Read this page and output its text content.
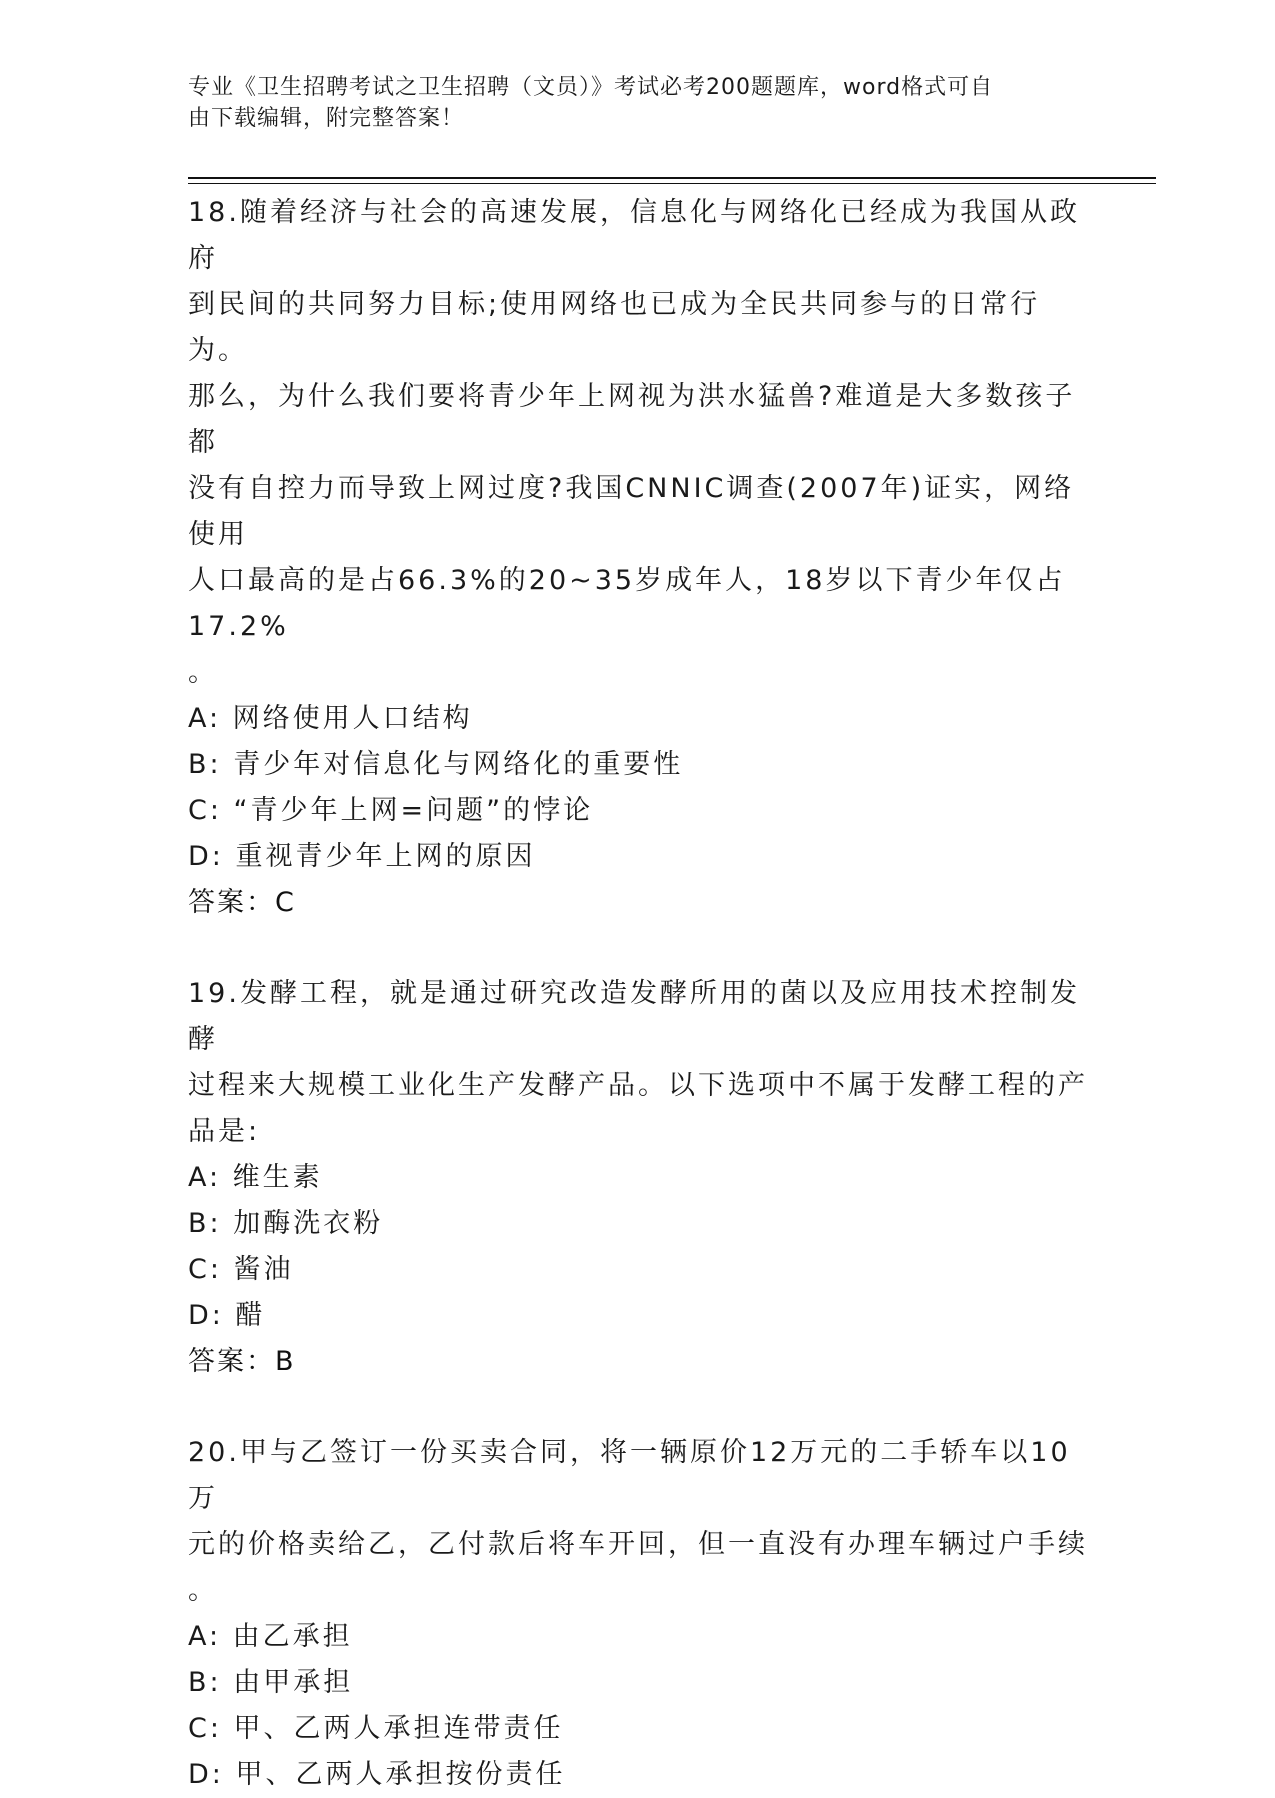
专业《卫生招聘考试之卫生招聘（文员）》考试必考200题题库，word格式可自
由下载编辑，附完整答案！
18.随着经济与社会的高速发展，信息化与网络化已经成为我国从政府
到民间的共同努力目标;使用网络也已成为全民共同参与的日常行为。
那么，为什么我们要将青少年上网视为洪水猛兽?难道是大多数孩子都
没有自控力而导致上网过度?我国CNNIC调查(2007年)证实，网络使用
人口最高的是占66.3%的20~35岁成年人，18岁以下青少年仅占17.2%
。
A: 网络使用人口结构
B: 青少年对信息化与网络化的重要性
C: “青少年上网=问题”的悖论
D: 重视青少年上网的原因
答案：C
19.发酵工程，就是通过研究改造发酵所用的菌以及应用技术控制发酵
过程来大规模工业化生产发酵产品。以下选项中不属于发酵工程的产
品是:
A: 维生素
B: 加酶洗衣粉
C: 酱油
D: 醋
答案：B
20.甲与乙签订一份买卖合同，将一辆原价12万元的二手轿车以10万
元的价格卖给乙，乙付款后将车开回，但一直没有办理车辆过户手续
。
A: 由乙承担
B: 由甲承担
C: 甲、乙两人承担连带责任
D: 甲、乙两人承担按份责任
